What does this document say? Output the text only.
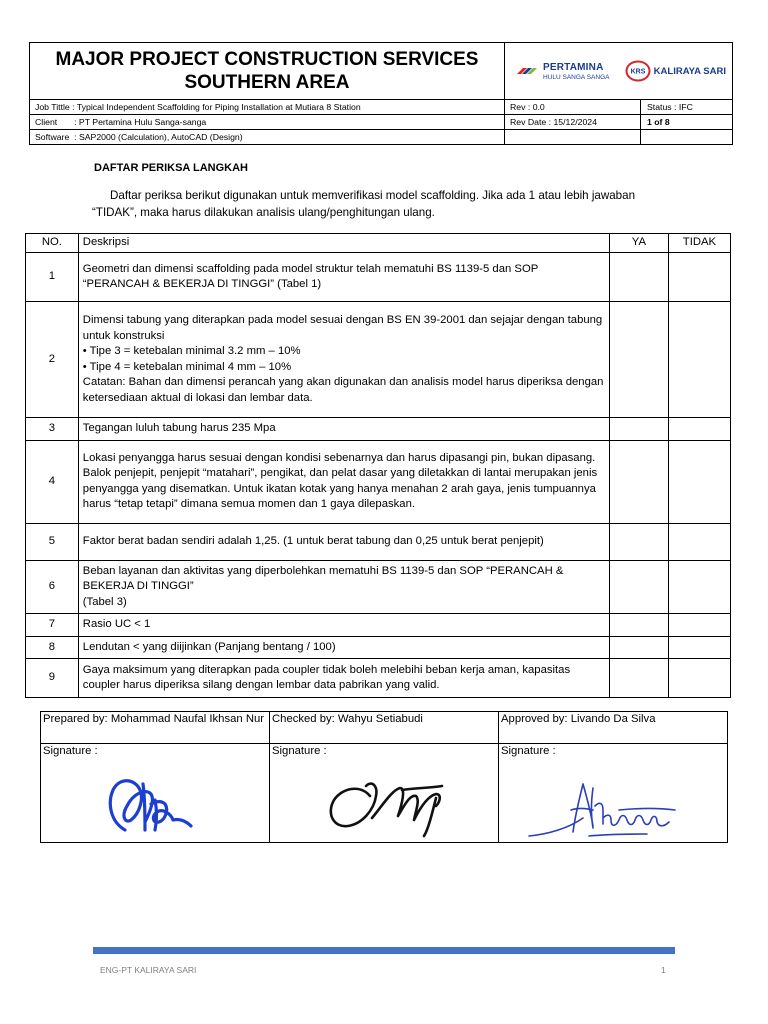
MAJOR PROJECT CONSTRUCTION SERVICES
SOUTHERN AREA
PERTAMINA
HULU SANGA SANGA
KRS KALIRAYA SARI
Job Tittle : Typical Independent Scaffolding for Piping Installation at Mutiara 8 Station	Rev : 0.0	Status : IFC
Client       : PT Pertamina Hulu Sanga-sanga	Rev Date : 15/12/2024	1 of 8
Software  : SAP2000 (Calculation), AutoCAD (Design)
DAFTAR PERIKSA LANGKAH
Daftar periksa berikut digunakan untuk memverifikasi model scaffolding. Jika ada 1 atau lebih jawaban “TIDAK”, maka harus dilakukan analisis ulang/penghitungan ulang.
NO.	Deskripsi	YA	TIDAK
1	Geometri dan dimensi scaffolding pada model struktur telah mematuhi BS 1139-5 dan SOP “PERANCAH & BEKERJA DI TINGGI” (Tabel 1)		

2	Dimensi tabung yang diterapkan pada model sesuai dengan BS EN 39-2001 dan sejajar dengan tabung untuk konstruksi
• Tipe 3 = ketebalan minimal 3.2 mm – 10%
• Tipe 4 = ketebalan minimal 4 mm – 10%
Catatan: Bahan dan dimensi perancah yang akan digunakan dan analisis model harus diperiksa dengan ketersediaan aktual di lokasi dan lembar data.		

3	Tegangan luluh tabung harus 235 Mpa		

4	Lokasi penyangga harus sesuai dengan kondisi sebenarnya dan harus dipasangi pin, bukan dipasang. Balok penjepit, penjepit “matahari”, pengikat, dan pelat dasar yang diletakkan di lantai merupakan jenis penyangga yang disematkan. Untuk ikatan kotak yang hanya menahan 2 arah gaya, jenis tumpuannya harus “tetap tetapi” dimana semua momen dan 1 gaya dilepaskan.		

5	Faktor berat badan sendiri adalah 1,25. (1 untuk berat tabung dan 0,25 untuk berat penjepit)		

6	Beban layanan dan aktivitas yang diperbolehkan mematuhi BS 1139-5 dan SOP “PERANCAH & BEKERJA DI TINGGI”
(Tabel 3)		

7	Rasio UC < 1		

8	Lendutan < yang diijinkan (Panjang bentang / 100)		

9	Gaya maksimum yang diterapkan pada coupler tidak boleh melebihi beban kerja aman, kapasitas coupler harus diperiksa silang dengan lembar data pabrikan yang valid.		

Prepared by: Mohammad Naufal Ikhsan Nur	Checked by: Wahyu Setiabudi	Approved by: Livando Da Silva
Signature :	Signature :	Signature :
ENG-PT KALIRAYA SARI	1
